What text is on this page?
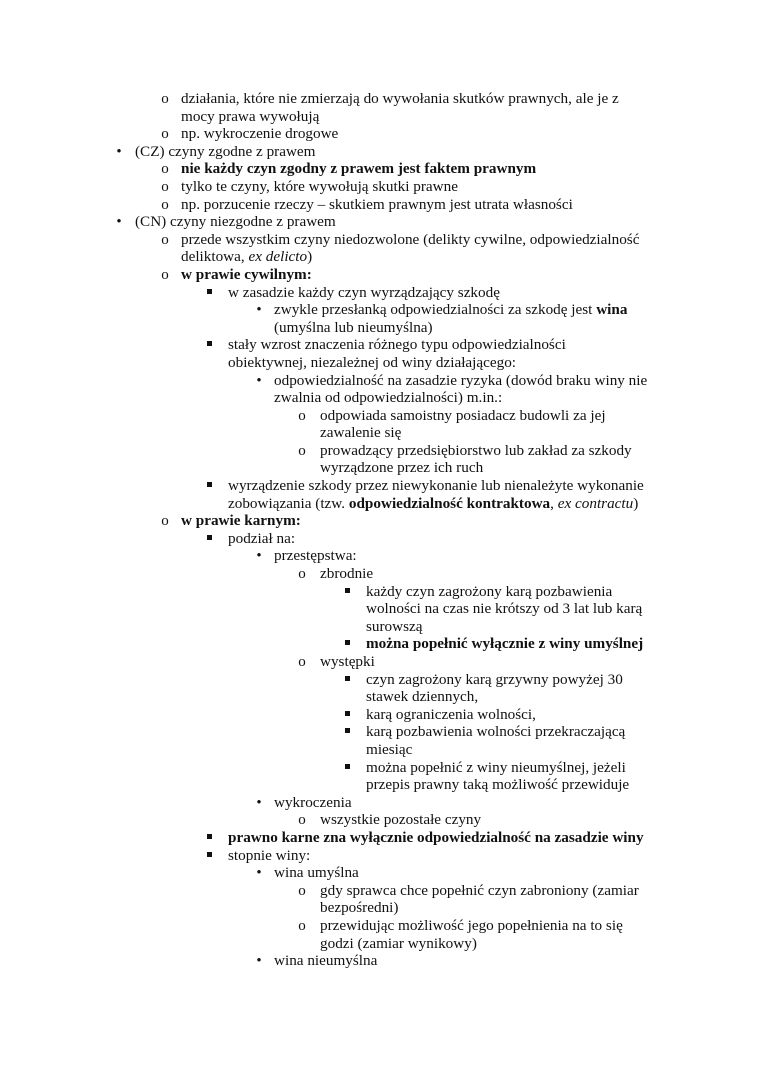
o działania, które nie zmierzają do wywołania skutków prawnych, ale je z mocy prawa wywołują
o np. wykroczenie drogowe
• (CZ) czyny zgodne z prawem
o nie każdy czyn zgodny z prawem jest faktem prawnym
o tylko te czyny, które wywołują skutki prawne
o np. porzucenie rzeczy – skutkiem prawnym jest utrata własności
• (CN) czyny niezgodne z prawem
o przede wszystkim czyny niedozwolone (delikty cywilne, odpowiedzialność deliktowa, ex delicto)
o w prawie cywilnym:
w zasadzie każdy czyn wyrządzający szkodę
• zwykle przesłanką odpowiedzialności za szkodę jest wina (umyślna lub nieumyślna)
stały wzrost znaczenia różnego typu odpowiedzialności obiektywnej, niezależnej od winy działającego:
• odpowiedzialność na zasadzie ryzyka (dowód braku winy nie zwalnia od odpowiedzialności) m.in.:
o odpowiada samoistny posiadacz budowli za jej zawalenie się
o prowadzący przedsiębiorstwo lub zakład za szkody wyrządzone przez ich ruch
wyrządzenie szkody przez niewykonanie lub nienależyte wykonanie zobowiązania (tzw. odpowiedzialność kontraktowa, ex contractu)
o w prawie karnym:
podział na:
• przestępstwa:
o zbrodnie
każdy czyn zagrożony karą pozbawienia wolności na czas nie krótszy od 3 lat lub karą surowszą
można popełnić wyłącznie z winy umyślnej
o występki
czyn zagrożony karą grzywny powyżej 30 stawek dziennych,
karą ograniczenia wolności,
karą pozbawienia wolności przekraczającą miesiąc
można popełnić z winy nieumyślnej, jeżeli przepis prawny taką możliwość przewiduje
• wykroczenia
o wszystkie pozostałe czyny
prawno karne zna wyłącznie odpowiedzialność na zasadzie winy
stopnie winy:
• wina umyślna
o gdy sprawca chce popełnić czyn zabroniony (zamiar bezpośredni)
o przewidując możliwość jego popełnienia na to się godzi (zamiar wynikowy)
• wina nieumyślna
